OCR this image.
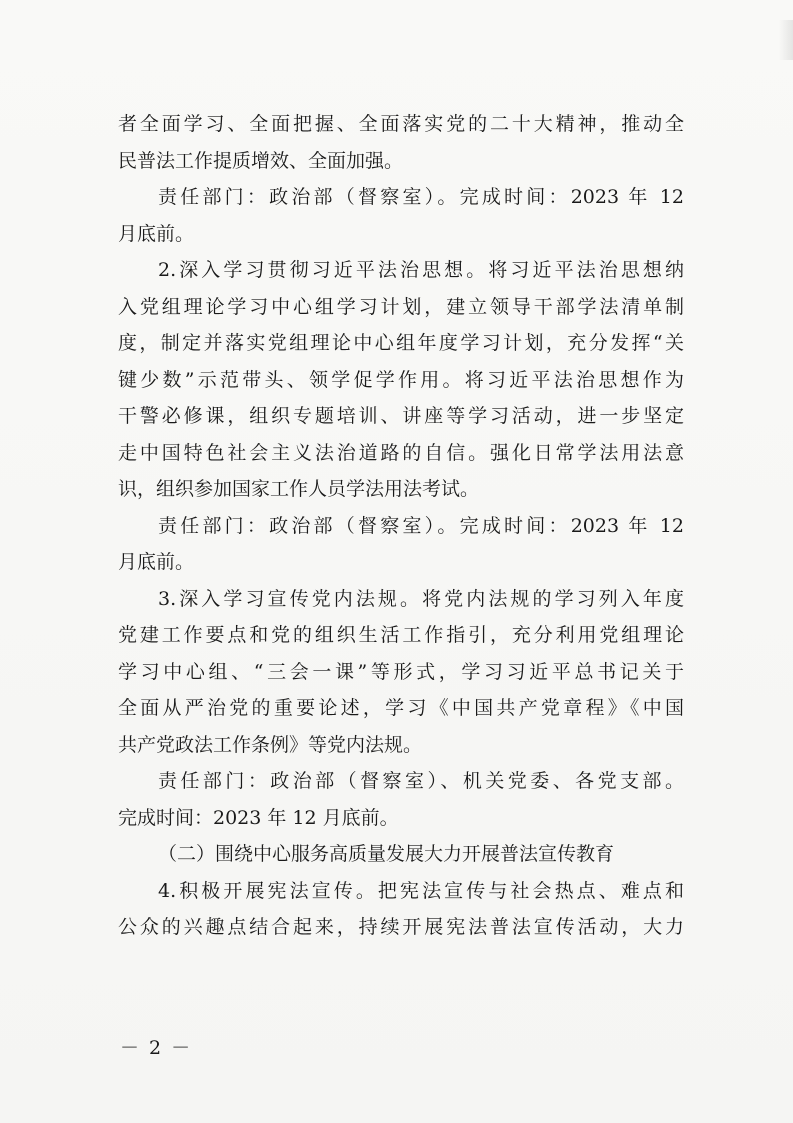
者全面学习、全面把握、全面落实党的二十大精神，推动全
民普法工作提质增效、全面加强。
责任部门：政治部（督察室）。完成时间：2023 年 12
月底前。
2.深入学习贯彻习近平法治思想。将习近平法治思想纳
入党组理论学习中心组学习计划，建立领导干部学法清单制
度，制定并落实党组理论中心组年度学习计划，充分发挥“关
键少数”示范带头、领学促学作用。将习近平法治思想作为
干警必修课，组织专题培训、讲座等学习活动，进一步坚定
走中国特色社会主义法治道路的自信。强化日常学法用法意
识，组织参加国家工作人员学法用法考试。
责任部门：政治部（督察室）。完成时间：2023 年 12
月底前。
3.深入学习宣传党内法规。将党内法规的学习列入年度
党建工作要点和党的组织生活工作指引，充分利用党组理论
学习中心组、“三会一课”等形式，学习习近平总书记关于
全面从严治党的重要论述，学习《中国共产党章程》《中国
共产党政法工作条例》等党内法规。
责任部门：政治部（督察室）、机关党委、各党支部。
完成时间：2023 年 12 月底前。
（二）围绕中心服务高质量发展大力开展普法宣传教育
4.积极开展宪法宣传。把宪法宣传与社会热点、难点和
公众的兴趣点结合起来，持续开展宪法普法宣传活动，大力
－ 2 －
